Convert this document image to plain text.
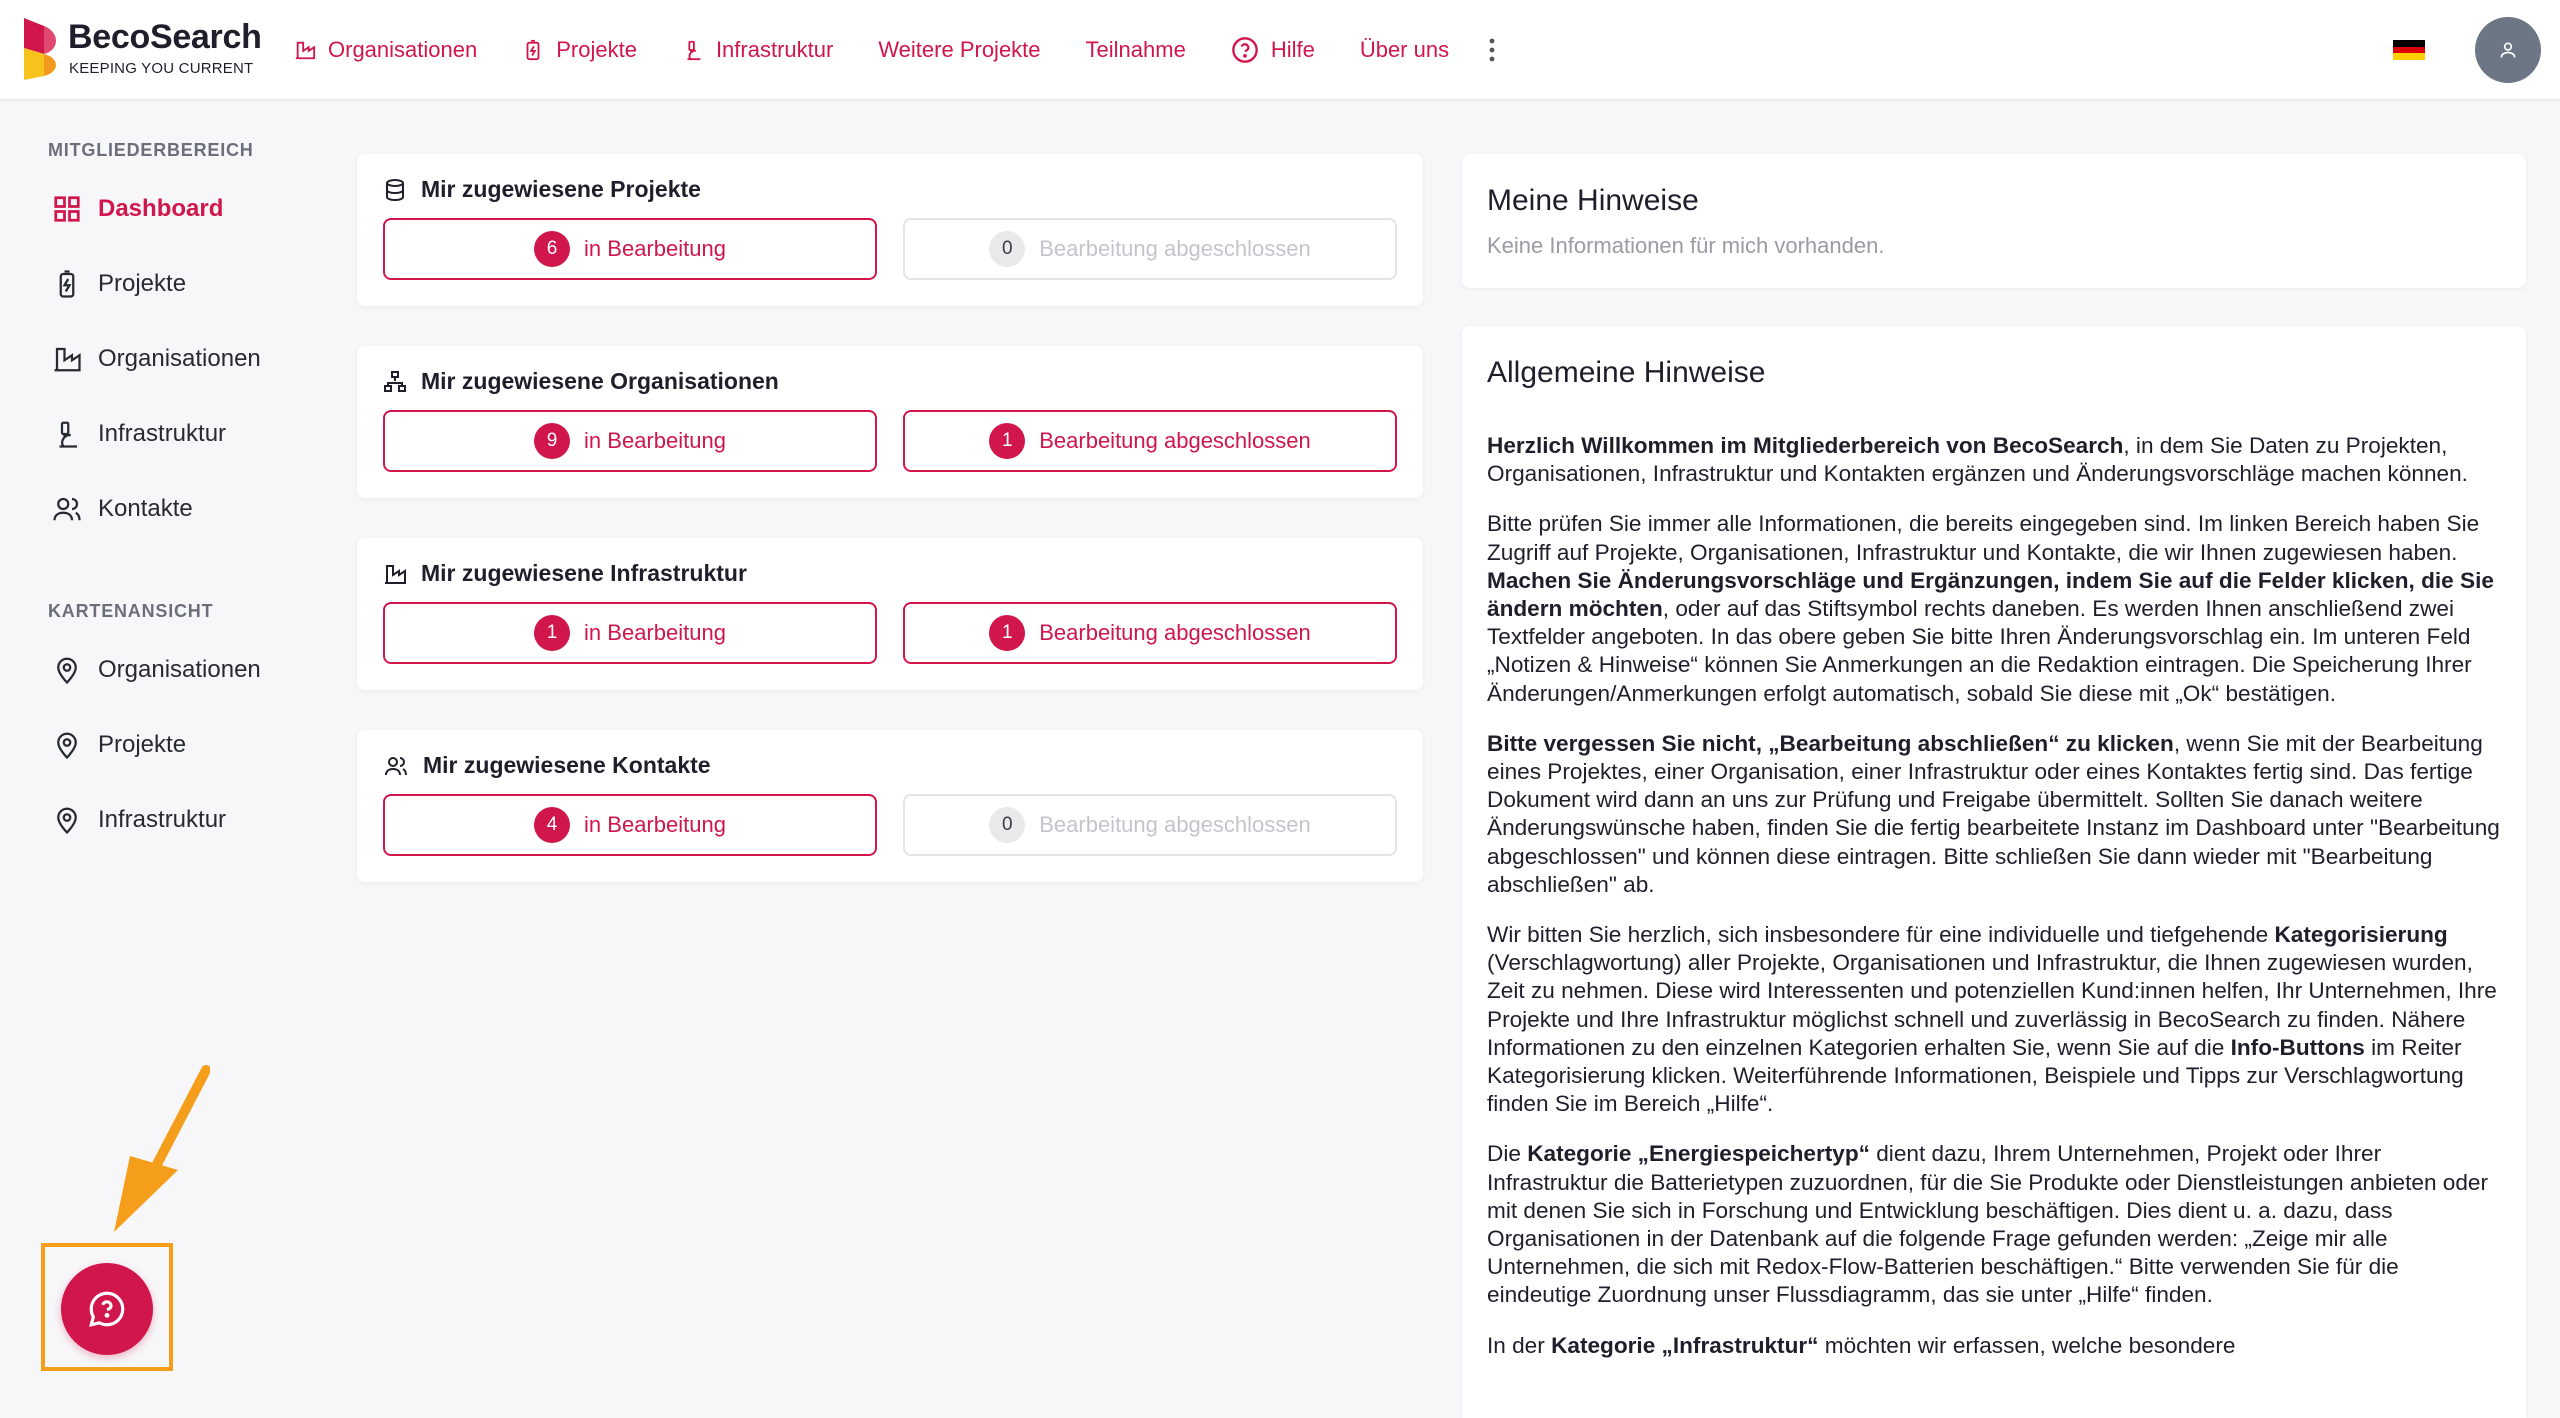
BecoSearch
KEEPING YOU CURRENT
Organisationen	Projekte	Infrastruktur Weitere Projekte Teilnahme	Hilfe Über uns
MITGLIEDERBEREICH
Dashboard
Projekte
Organisationen
Infrastruktur
Kontakte
KARTENANSICHT
Organisationen
Projekte
Infrastruktur
Mir zugewiesene Projekte
6	in Bearbeitung	0	Bearbeitung abgeschlossen
Mir zugewiesene Organisationen
9	in Bearbeitung	1	Bearbeitung abgeschlossen
Mir zugewiesene Infrastruktur
1	in Bearbeitung	1	Bearbeitung abgeschlossen
Mir zugewiesene Kontakte
4	in Bearbeitung	0	Bearbeitung abgeschlossen
Meine Hinweise
Keine Informationen für mich vorhanden.
Allgemeine Hinweise

Herzlich Willkommen im Mitgliederbereich von BecoSearch, in dem Sie Daten zu Projekten, Organisationen, Infrastruktur und Kontakten ergänzen und Änderungsvorschläge machen können.

Bitte prüfen Sie immer alle Informationen, die bereits eingegeben sind. Im linken Bereich haben Sie Zugriff auf Projekte, Organisationen, Infrastruktur und Kontakte, die wir Ihnen zugewiesen haben. Machen Sie Änderungsvorschläge und Ergänzungen, indem Sie auf die Felder klicken, die Sie ändern möchten, oder auf das Stiftsymbol rechts daneben. Es werden Ihnen anschließend zwei Textfelder angeboten. In das obere geben Sie bitte Ihren Änderungsvorschlag ein. Im unteren Feld „Notizen & Hinweise“ können Sie Anmerkungen an die Redaktion eintragen. Die Speicherung Ihrer Änderungen/Anmerkungen erfolgt automatisch, sobald Sie diese mit „Ok“ bestätigen.

Bitte vergessen Sie nicht, „Bearbeitung abschließen“ zu klicken, wenn Sie mit der Bearbeitung eines Projektes, einer Organisation, einer Infrastruktur oder eines Kontaktes fertig sind. Das fertige Dokument wird dann an uns zur Prüfung und Freigabe übermittelt. Sollten Sie danach weitere Änderungswünsche haben, finden Sie die fertig bearbeitete Instanz im Dashboard unter "Bearbeitung abgeschlossen" und können diese eintragen. Bitte schließen Sie dann wieder mit "Bearbeitung abschließen" ab.

Wir bitten Sie herzlich, sich insbesondere für eine individuelle und tiefgehende Kategorisierung (Verschlagwortung) aller Projekte, Organisationen und Infrastruktur, die Ihnen zugewiesen wurden, Zeit zu nehmen. Diese wird Interessenten und potenziellen Kund:innen helfen, Ihr Unternehmen, Ihre Projekte und Ihre Infrastruktur möglichst schnell und zuverlässig in BecoSearch zu finden. Nähere Informationen zu den einzelnen Kategorien erhalten Sie, wenn Sie auf die Info-Buttons im Reiter Kategorisierung klicken. Weiterführende Informationen, Beispiele und Tipps zur Verschlagwortung finden Sie im Bereich „Hilfe“.

Die Kategorie „Energiespeichertyp“ dient dazu, Ihrem Unternehmen, Projekt oder Ihrer Infrastruktur die Batterietypen zuzuordnen, für die Sie Produkte oder Dienstleistungen anbieten oder mit denen Sie sich in Forschung und Entwicklung beschäftigen. Dies dient u. a. dazu, dass Organisationen in der Datenbank auf die folgende Frage gefunden werden: „Zeige mir alle Unternehmen, die sich mit Redox-Flow-Batterien beschäftigen.“ Bitte verwenden Sie für die eindeutige Zuordnung unser Flussdiagramm, das sie unter „Hilfe“ finden.

In der Kategorie „Infrastruktur“ möchten wir erfassen, welche besondere
